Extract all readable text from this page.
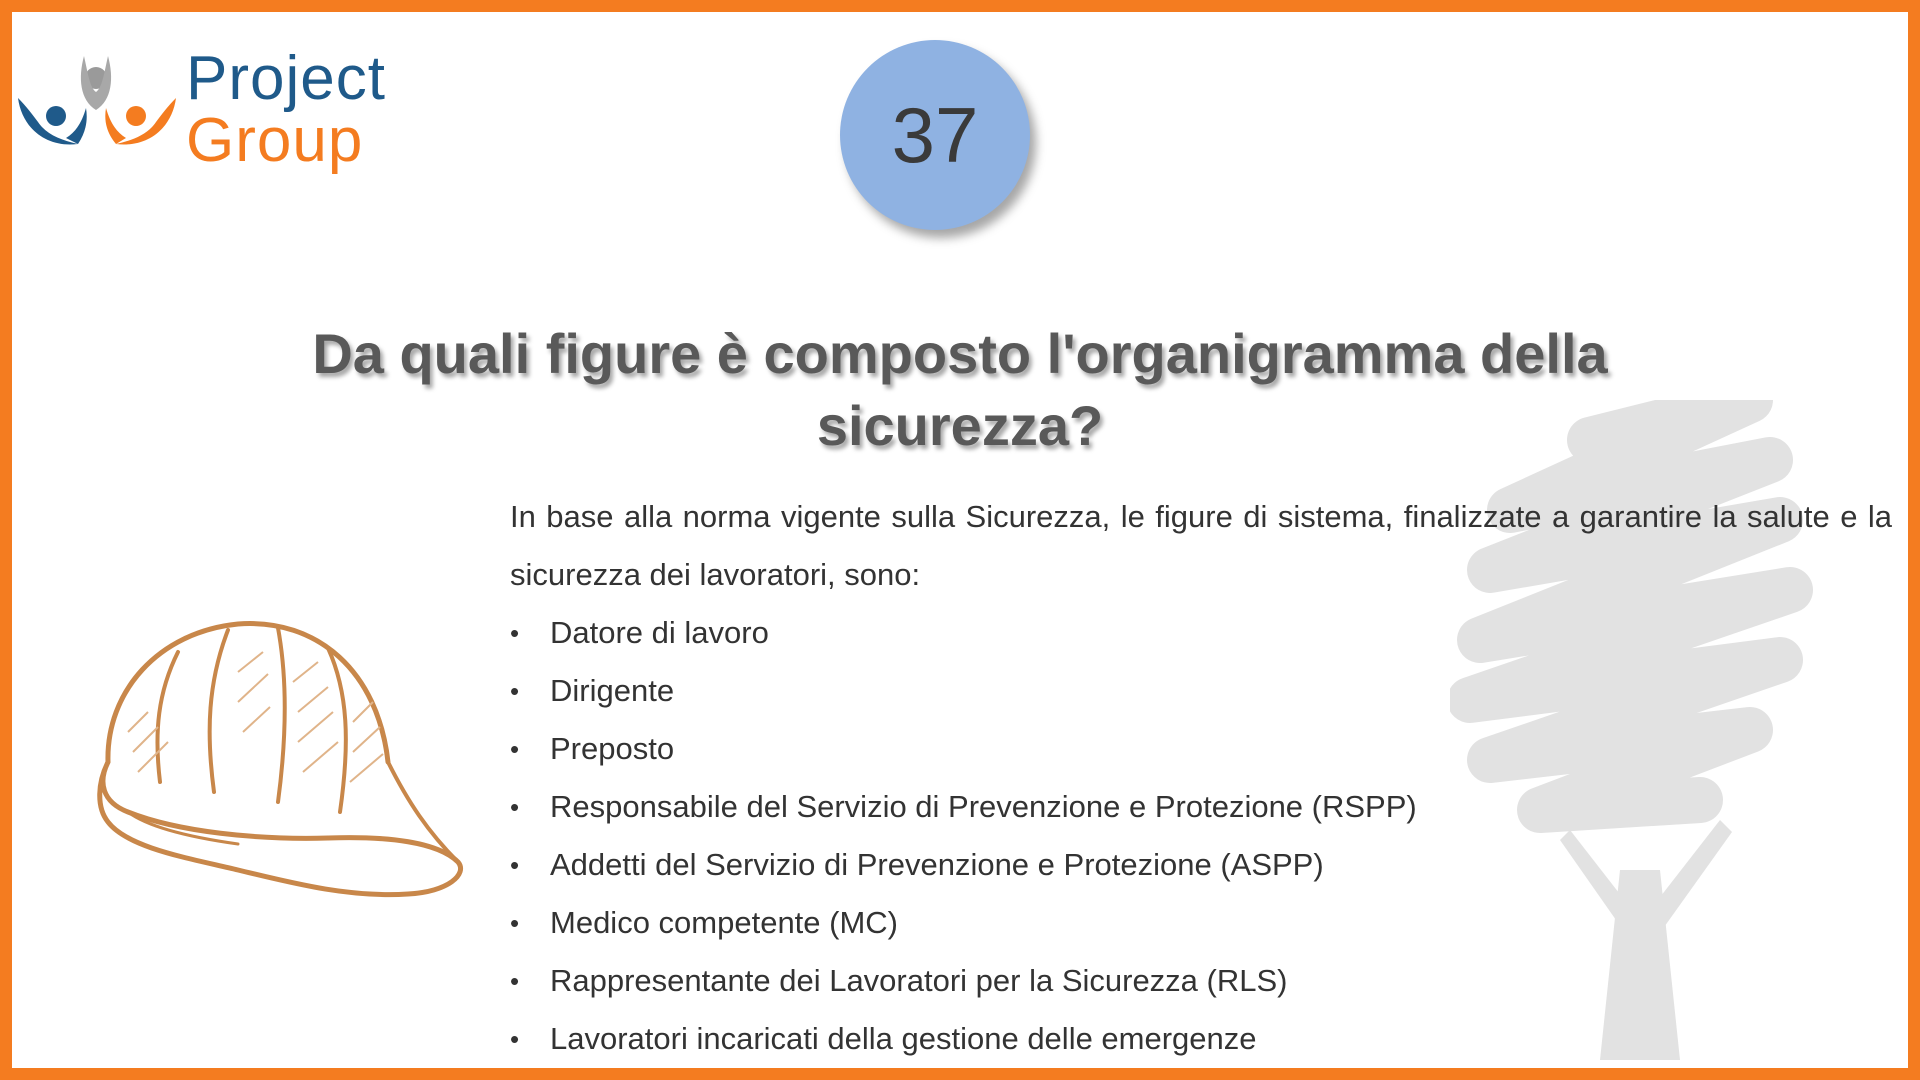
Project
Group	37
Da quali figure è composto l'organigramma della sicurezza?

In base alla norma vigente sulla Sicurezza, le figure di sistema, finalizzate a garantire la salute e la sicurezza dei lavoratori, sono:

• Datore di lavoro
• Dirigente
• Preposto
• Responsabile del Servizio di Prevenzione e Protezione (RSPP)
• Addetti del Servizio di Prevenzione e Protezione (ASPP)
• Medico competente (MC)
• Rappresentante dei Lavoratori per la Sicurezza (RLS)
• Lavoratori incaricati della gestione delle emergenze
